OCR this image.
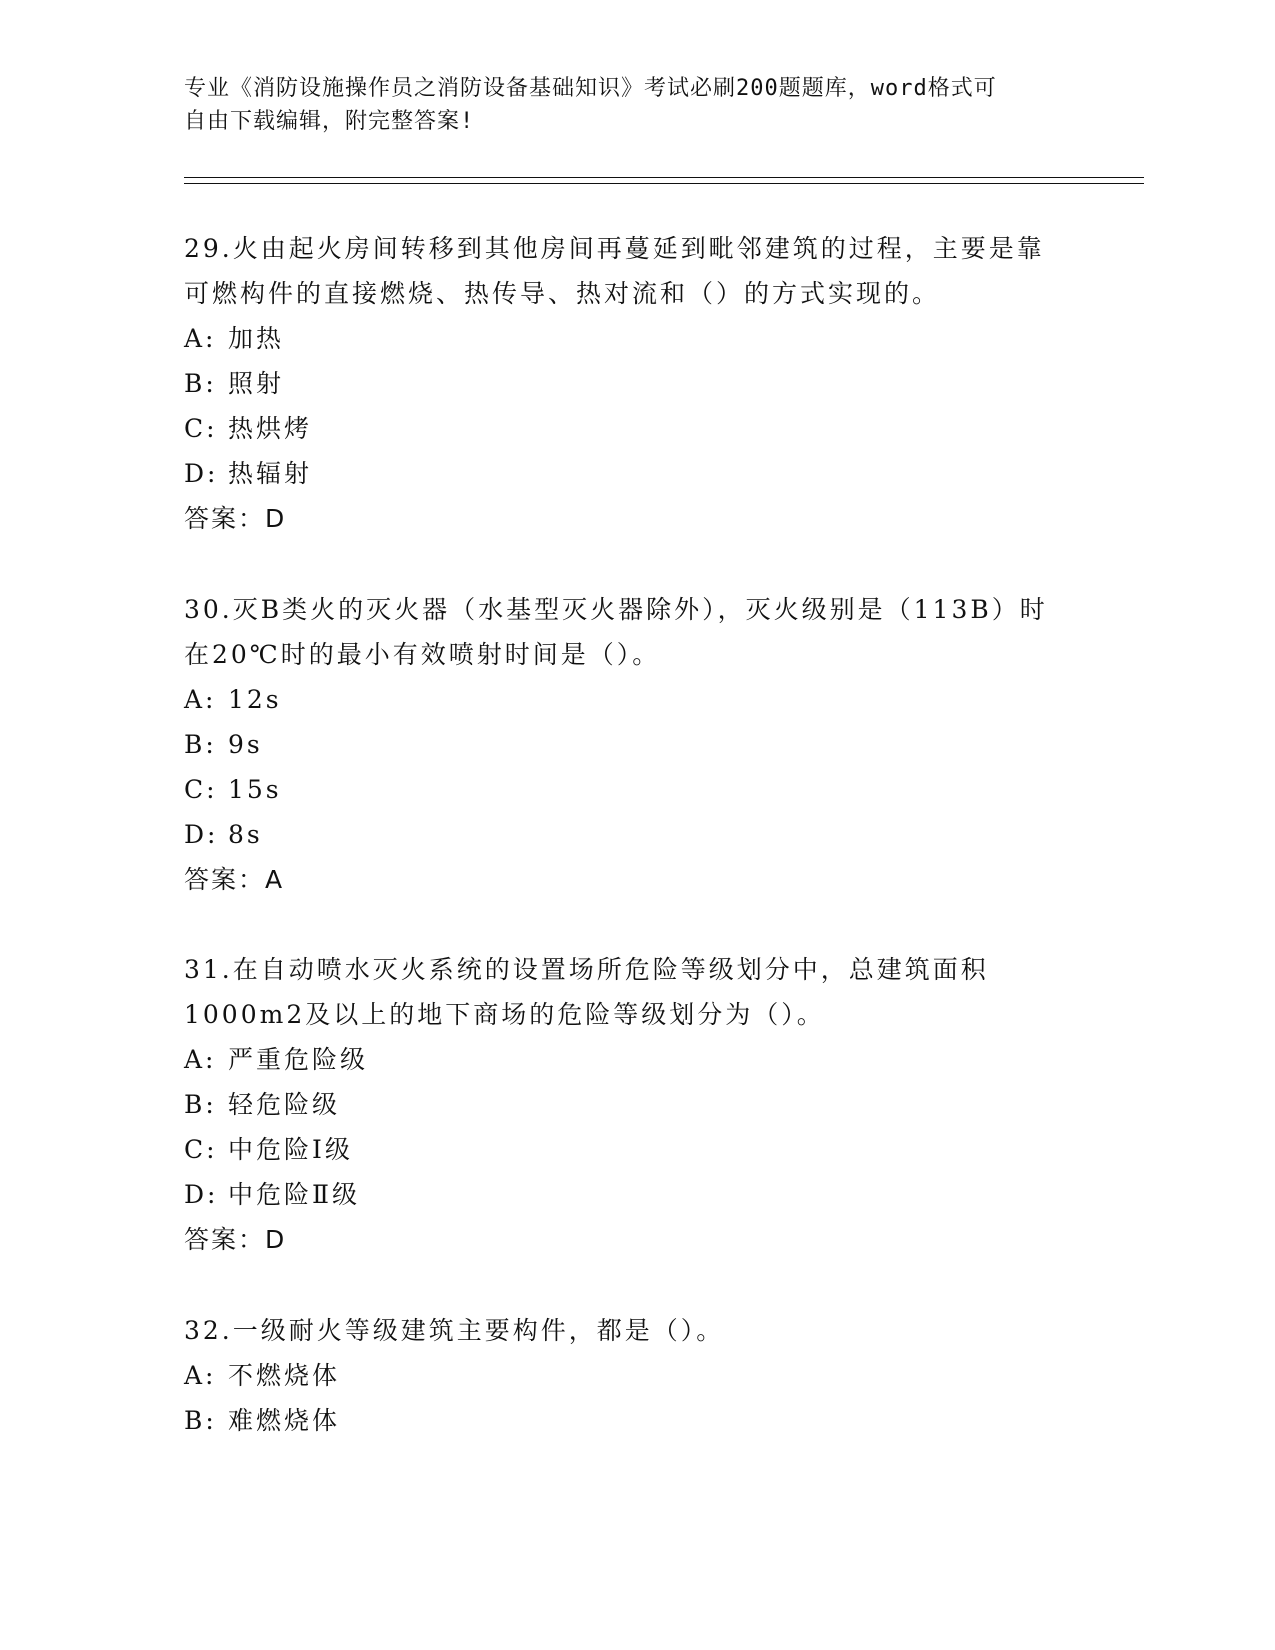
专业《消防设施操作员之消防设备基础知识》考试必刷200题题库，word格式可
自由下载编辑，附完整答案!

29.火由起火房间转移到其他房间再蔓延到毗邻建筑的过程，主要是靠
可燃构件的直接燃烧、热传导、热对流和（）的方式实现的。

A: 加热
B: 照射
C: 热烘烤
D: 热辐射
答案：D

30.灭B类火的灭火器（水基型灭火器除外），灭火级别是（113B）时
在20℃时的最小有效喷射时间是（）。

A: 12s
B: 9s
C: 15s
D: 8s
答案：A

31.在自动喷水灭火系统的设置场所危险等级划分中，总建筑面积
1000m2及以上的地下商场的危险等级划分为（）。

A: 严重危险级
B: 轻危险级
C: 中危险Ⅰ级
D: 中危险Ⅱ级
答案：D

32.一级耐火等级建筑主要构件，都是（）。

A: 不燃烧体
B: 难燃烧体
